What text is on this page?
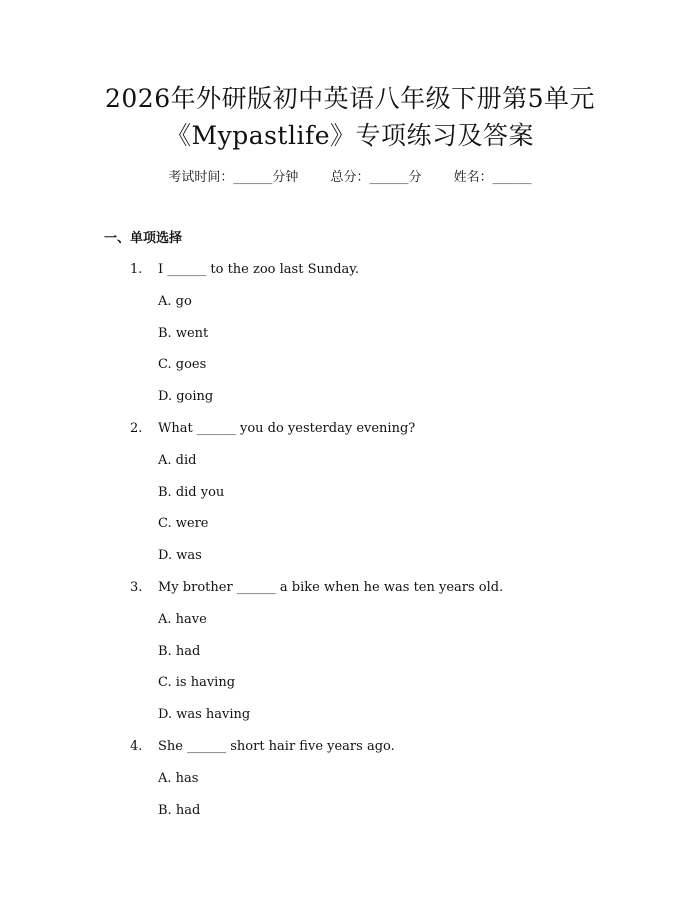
2026年外研版初中英语八年级下册第5单元
《Mypastlife》专项练习及答案
考试时间：______分钟 总分：______分 姓名：______
一、单项选择
1. I ______ to the zoo last Sunday.
A. go
B. went
C. goes
D. going
2. What ______ you do yesterday evening?
A. did
B. did you
C. were
D. was
3. My brother ______ a bike when he was ten years old.
A. have
B. had
C. is having
D. was having
4. She ______ short hair five years ago.
A. has
B. had
